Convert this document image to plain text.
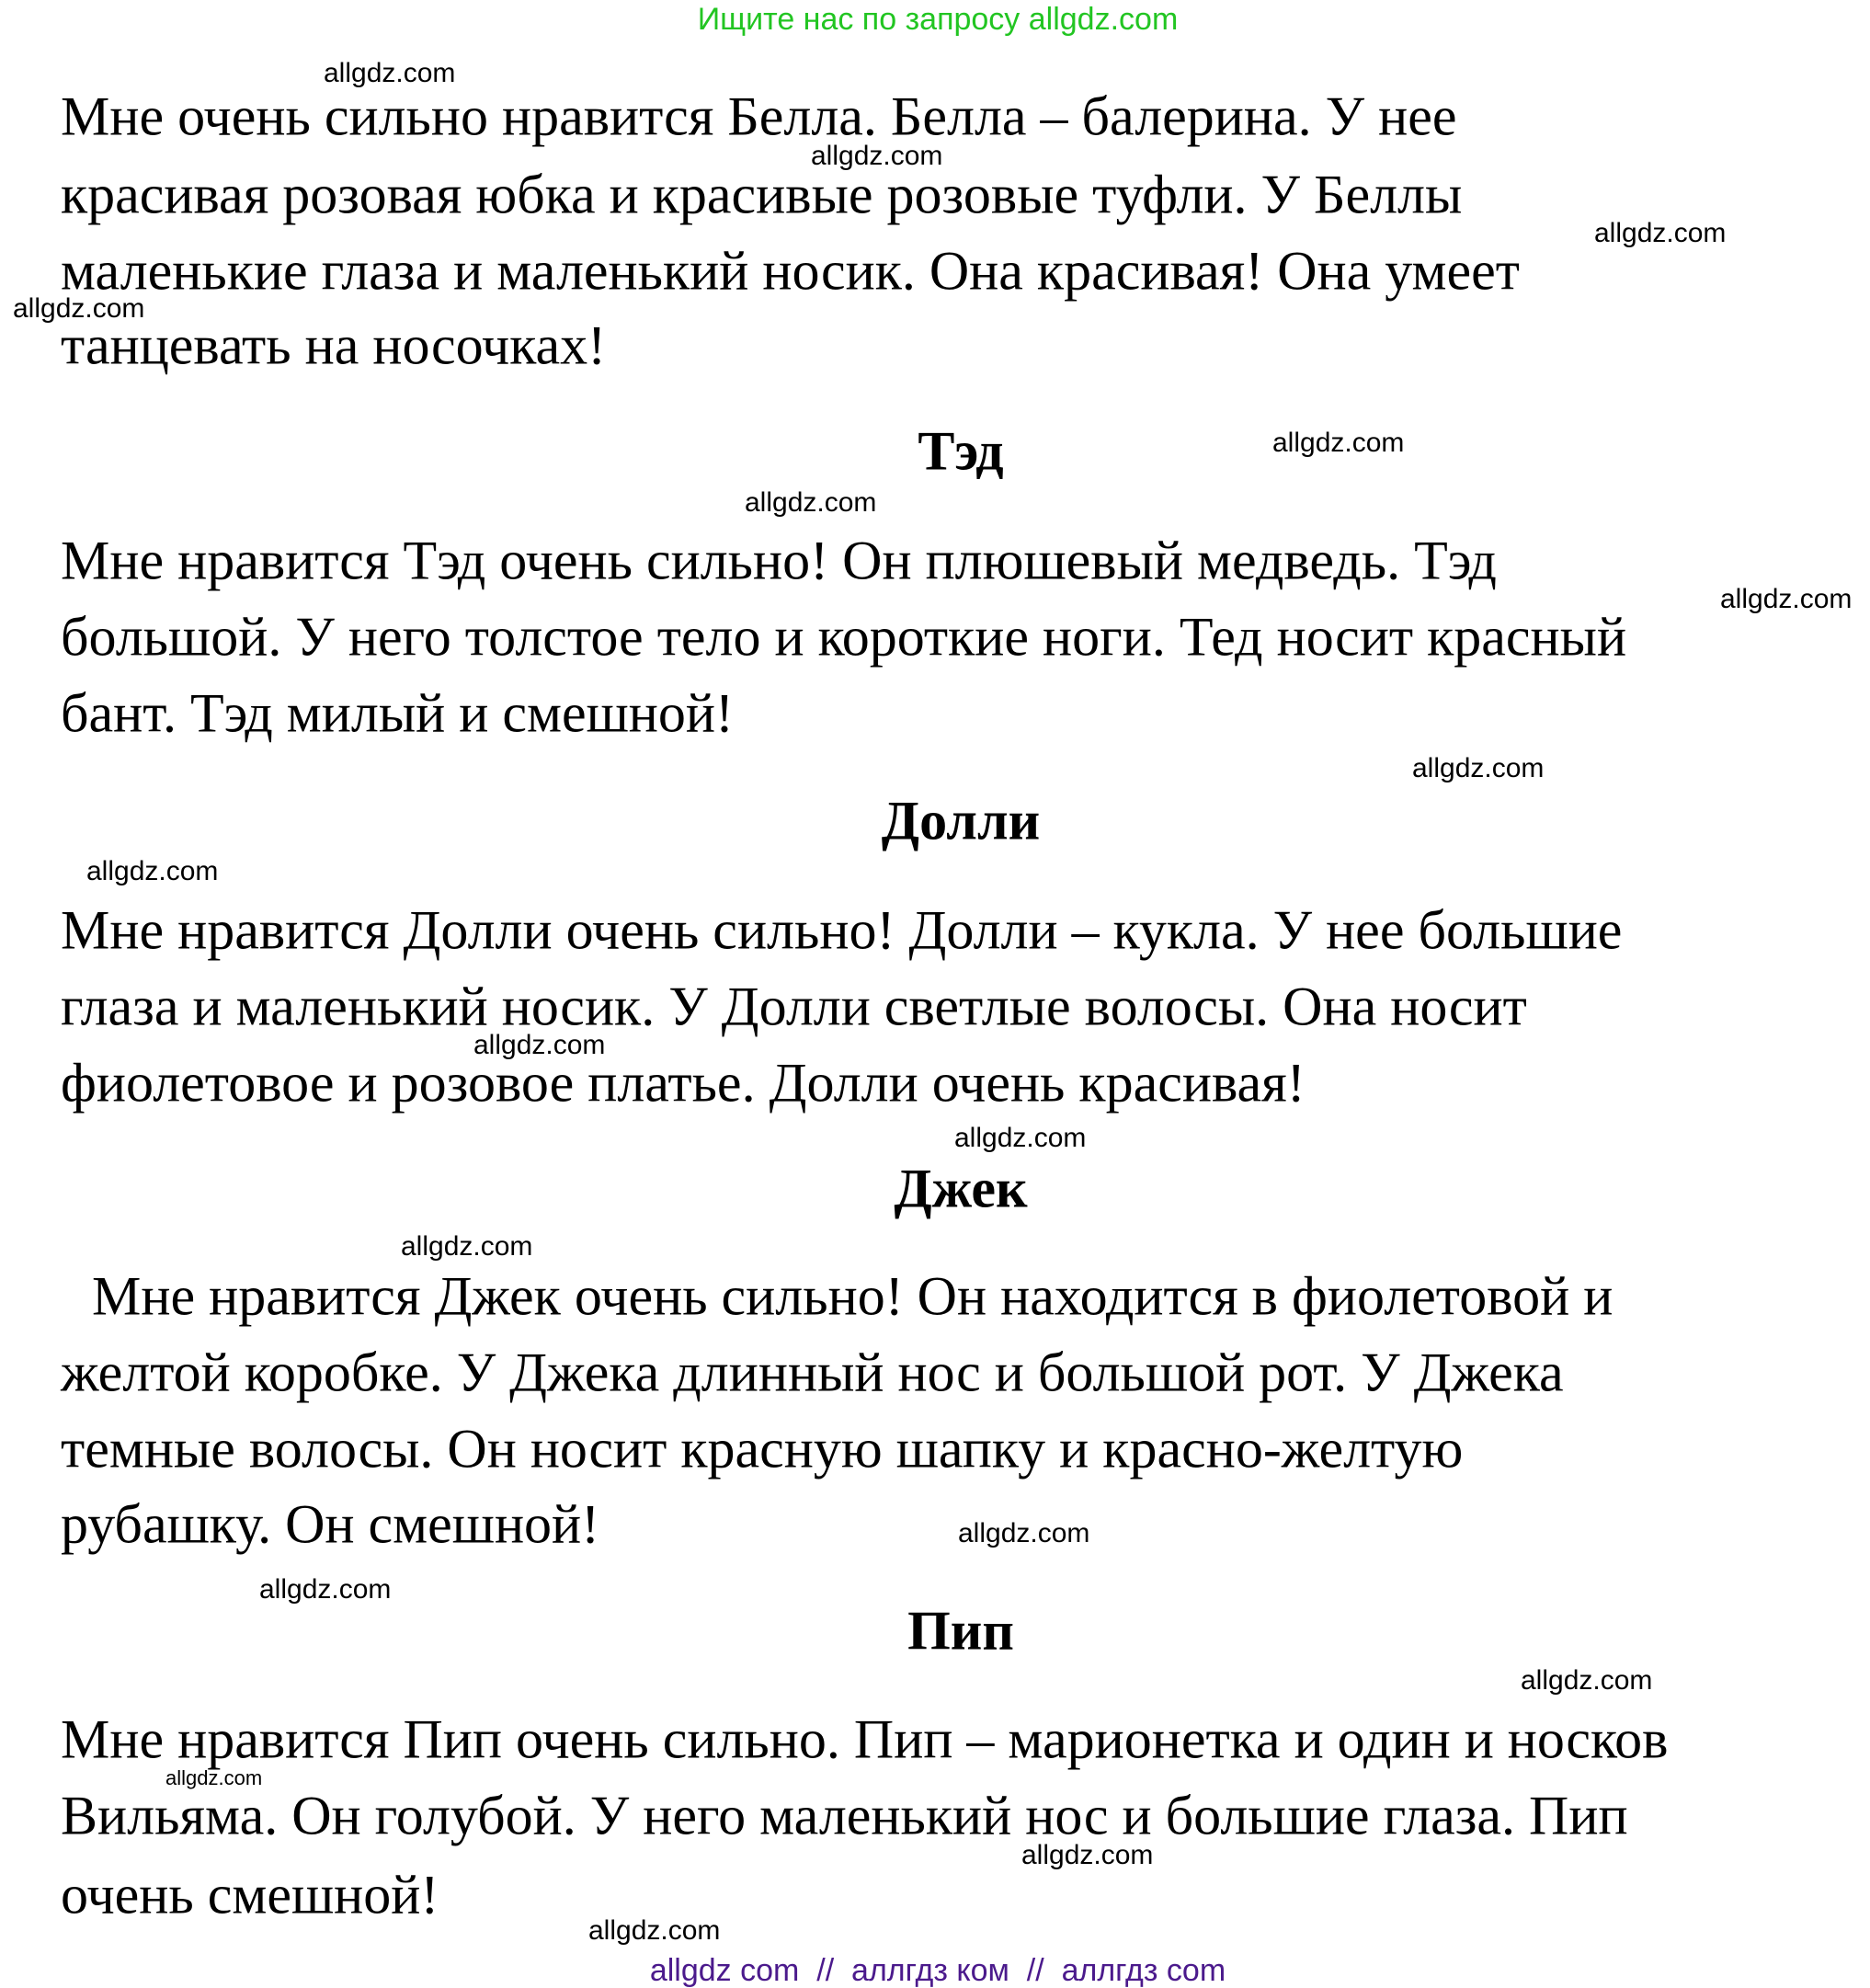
Ищите нас по запросу allgdz.com
Мне очень сильно нравится Белла. Белла – балерина. У нее
красивая розовая юбка и красивые розовые туфли. У Беллы
маленькие глаза и маленький носик. Она красивая! Она умеет
танцевать на носочках!
Тэд
Мне нравится Тэд очень сильно! Он плюшевый медведь. Тэд
большой. У него толстое тело и короткие ноги. Тед носит красный
бант. Тэд милый и смешной!
Долли
Мне нравится Долли очень сильно! Долли – кукла. У нее большие
глаза и маленький носик. У Долли светлые волосы. Она носит
фиолетовое и розовое платье. Долли очень красивая!
Джек
Мне нравится Джек очень сильно! Он находится в фиолетовой и
желтой коробке. У Джека длинный нос и большой рот. У Джека
темные волосы. Он носит красную шапку и красно-желтую
рубашку. Он смешной!
Пип
Мне нравится Пип очень сильно. Пип – марионетка и один и носков
Вильяма. Он голубой. У него маленький нос и большие глаза. Пип
очень смешной!
allgdz.com
allgdz.com
allgdz.com
allgdz.com
allgdz.com
allgdz.com
allgdz.com
allgdz.com
allgdz.com
allgdz.com
allgdz.com
allgdz.com
allgdz.com
allgdz.com
allgdz.com
allgdz.com
allgdz.com
allgdz.com
allgdz com  //  аллгдз ком  //  аллгдз com
